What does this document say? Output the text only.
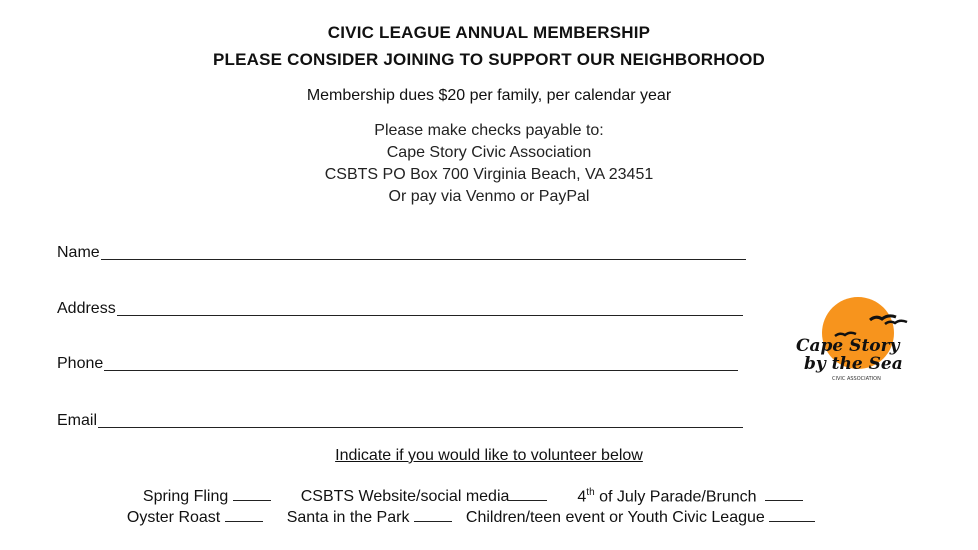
CIVIC LEAGUE ANNUAL MEMBERSHIP
PLEASE CONSIDER JOINING TO SUPPORT OUR NEIGHBORHOOD
Membership dues $20 per family, per calendar year
Please make checks payable to:
Cape Story Civic Association
CSBTS PO Box 700 Virginia Beach, VA 23451
Or pay via Venmo or PayPal
Name
Address
Phone
Email
Indicate if you would like to volunteer below

Spring Fling	CSBTS Website/social media	4th of July Parade/Brunch

Oyster Roast	Santa in the Park	Children/teen event or Youth Civic League

Cape Story
by the Sea
CIVIC ASSOCIATION
